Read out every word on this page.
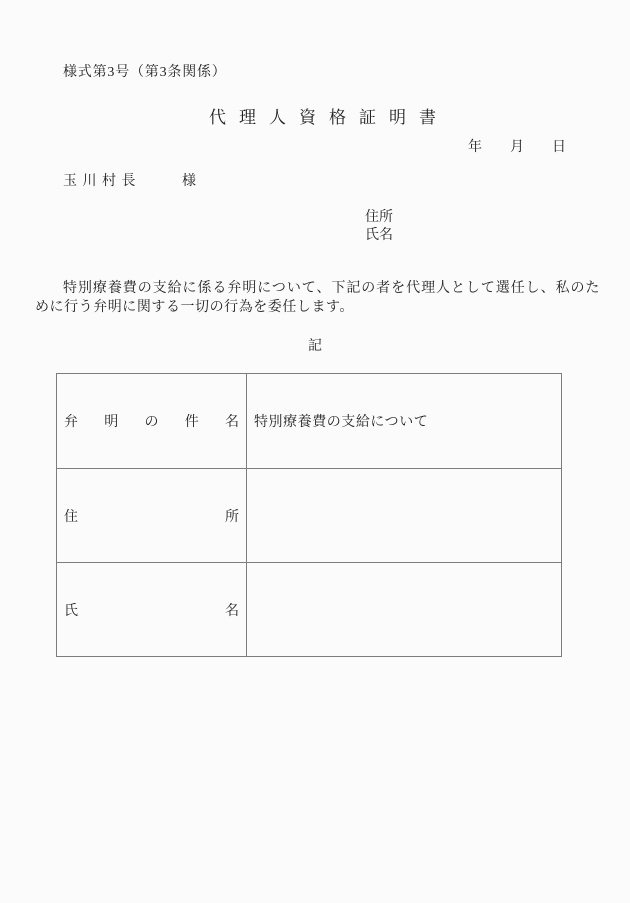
様式第3号（第3条関係）
代理人資格証明書
年　　月　　日
玉川村長	様
住所
氏名
特別療養費の支給に係る弁明について、下記の者を代理人として選任し、私のために行う弁明に関する一切の行為を委任します。
記
弁明の件名	特別療養費の支給について
住所
氏名
